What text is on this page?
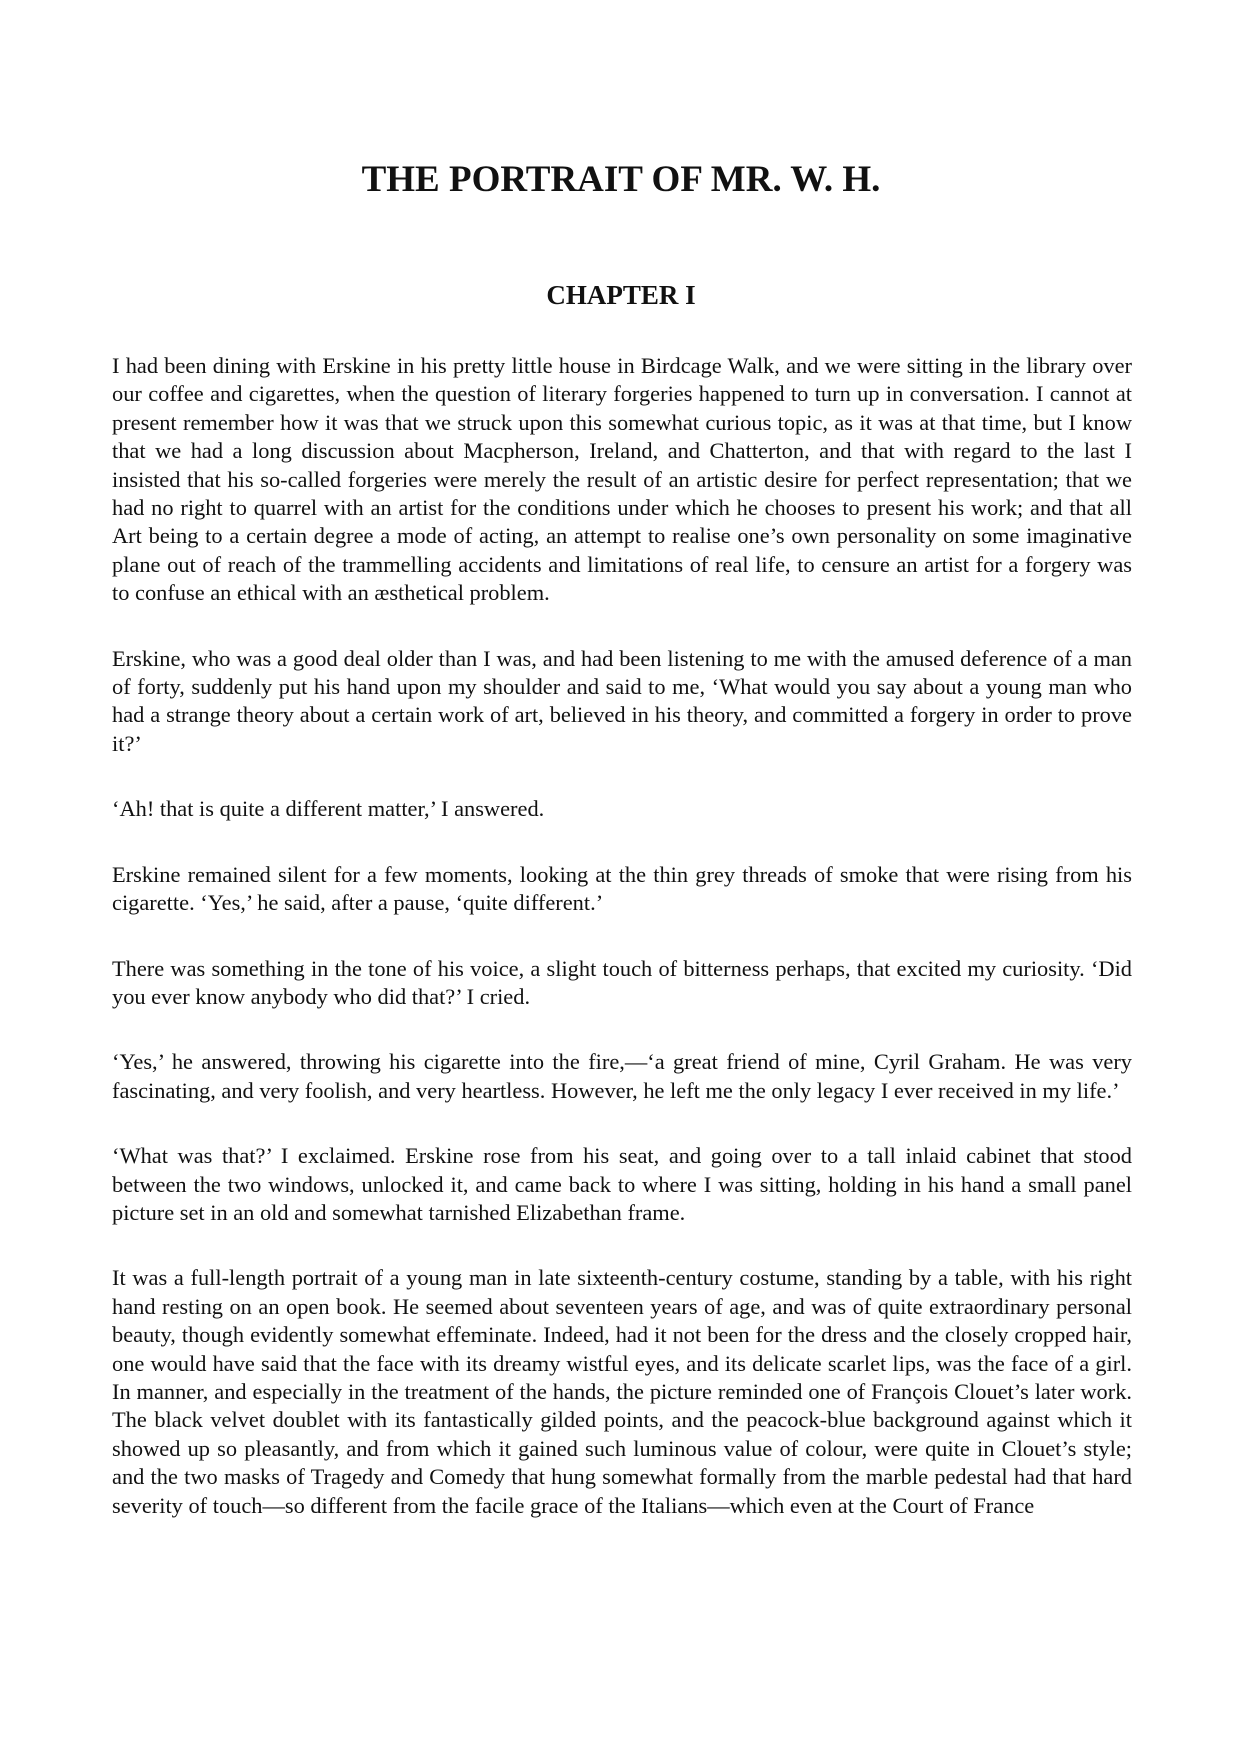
THE PORTRAIT OF MR. W. H.
CHAPTER I

I had been dining with Erskine in his pretty little house in Birdcage Walk, and we were sitting in the library over our coffee and cigarettes, when the question of literary forgeries happened to turn up in conversation. I cannot at present remember how it was that we struck upon this somewhat curious topic, as it was at that time, but I know that we had a long discussion about Macpherson, Ireland, and Chatterton, and that with regard to the last I insisted that his so-called forgeries were merely the result of an artistic desire for perfect representation; that we had no right to quarrel with an artist for the conditions under which he chooses to present his work; and that all Art being to a certain degree a mode of acting, an attempt to realise one’s own personality on some imaginative plane out of reach of the trammelling accidents and limitations of real life, to censure an artist for a forgery was to confuse an ethical with an æsthetical problem.

Erskine, who was a good deal older than I was, and had been listening to me with the amused deference of a man of forty, suddenly put his hand upon my shoulder and said to me, ‘What would you say about a young man who had a strange theory about a certain work of art, believed in his theory, and committed a forgery in order to prove it?’

‘Ah! that is quite a different matter,’ I answered.

Erskine remained silent for a few moments, looking at the thin grey threads of smoke that were rising from his cigarette. ‘Yes,’ he said, after a pause, ‘quite different.’

There was something in the tone of his voice, a slight touch of bitterness perhaps, that excited my curiosity. ‘Did you ever know anybody who did that?’ I cried.

‘Yes,’ he answered, throwing his cigarette into the fire,—‘a great friend of mine, Cyril Graham. He was very fascinating, and very foolish, and very heartless. However, he left me the only legacy I ever received in my life.’

‘What was that?’ I exclaimed. Erskine rose from his seat, and going over to a tall inlaid cabinet that stood between the two windows, unlocked it, and came back to where I was sitting, holding in his hand a small panel picture set in an old and somewhat tarnished Elizabethan frame.

It was a full-length portrait of a young man in late sixteenth-century costume, standing by a table, with his right hand resting on an open book. He seemed about seventeen years of age, and was of quite extraordinary personal beauty, though evidently somewhat effeminate. Indeed, had it not been for the dress and the closely cropped hair, one would have said that the face with its dreamy wistful eyes, and its delicate scarlet lips, was the face of a girl. In manner, and especially in the treatment of the hands, the picture reminded one of François Clouet’s later work. The black velvet doublet with its fantastically gilded points, and the peacock-blue background against which it showed up so pleasantly, and from which it gained such luminous value of colour, were quite in Clouet’s style; and the two masks of Tragedy and Comedy that hung somewhat formally from the marble pedestal had that hard severity of touch—so different from the facile grace of the Italians—which even at the Court of France
